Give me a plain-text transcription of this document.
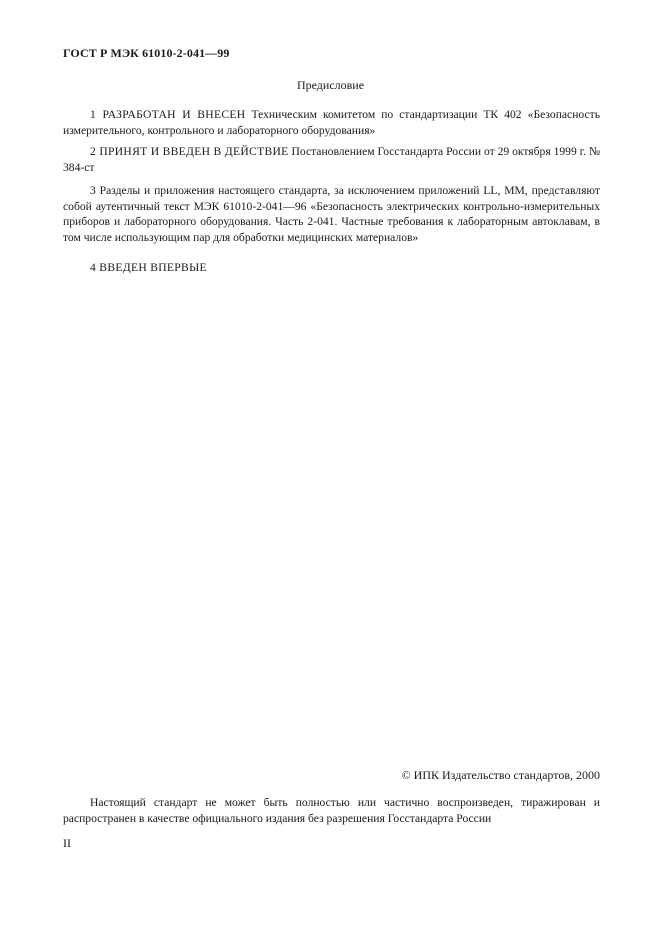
ГОСТ Р МЭК 61010-2-041—99
Предисловие

1 РАЗРАБОТАН И ВНЕСЕН Техническим комитетом по стандартизации ТК 402 «Безопасность измерительного, контрольного и лабораторного оборудования»

2 ПРИНЯТ И ВВЕДЕН В ДЕЙСТВИЕ Постановлением Госстандарта России от 29 октября 1999 г. № 384-ст

3 Разделы и приложения настоящего стандарта, за исключением приложений LL, MM, представляют собой аутентичный текст МЭК 61010-2-041—96 «Безопасность электрических контрольно-измерительных приборов и лабораторного оборудования. Часть 2-041. Частные требования к лабораторным автоклавам, в том числе использующим пар для обработки медицинских материалов»

4 ВВЕДЕН ВПЕРВЫЕ

© ИПК Издательство стандартов, 2000

Настоящий стандарт не может быть полностью или частично воспроизведен, тиражирован и распространен в качестве официального издания без разрешения Госстандарта России

II
